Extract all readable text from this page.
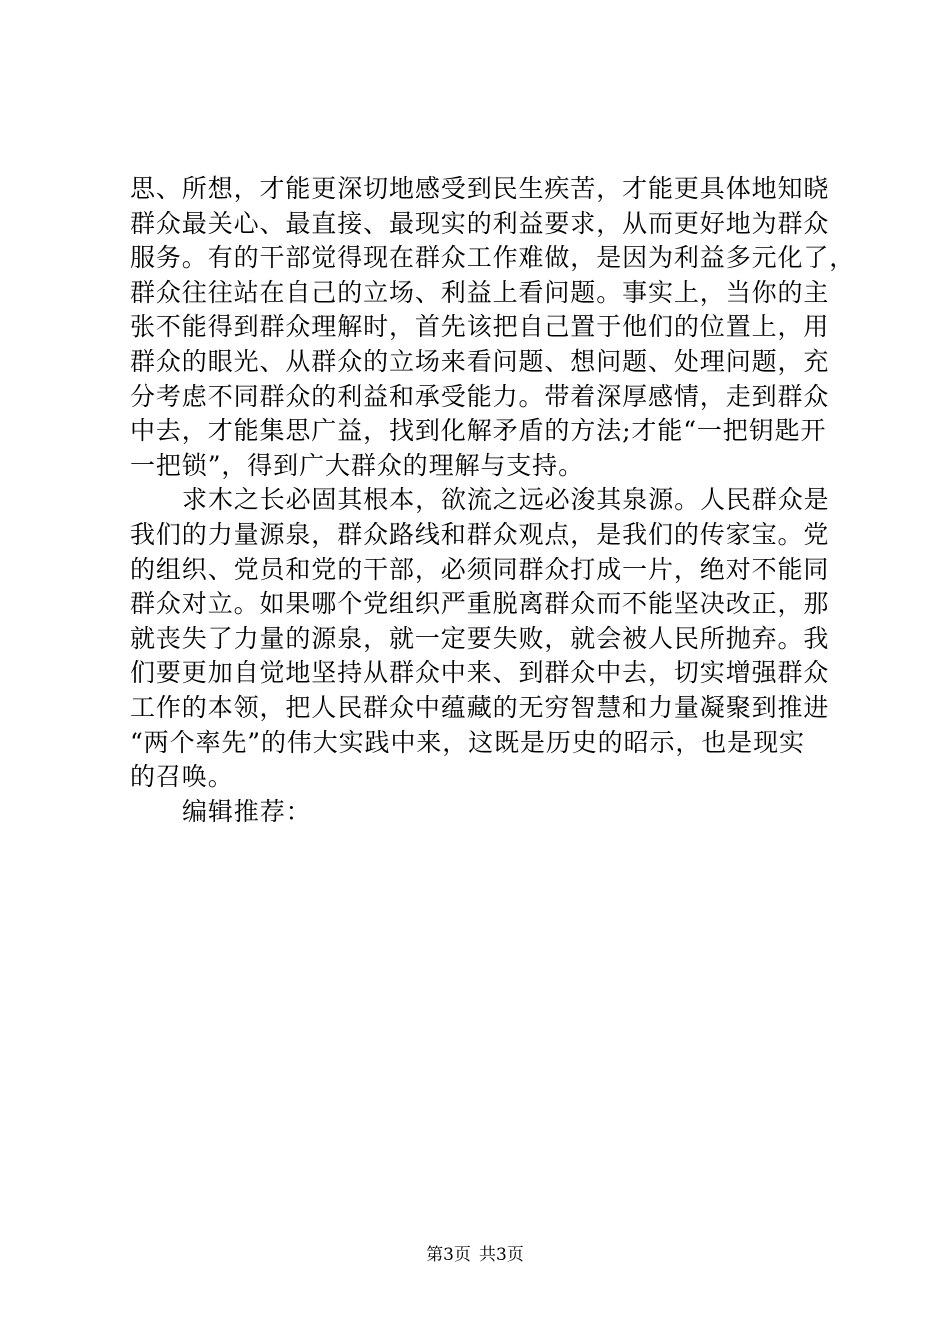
思、所想，才能更深切地感受到民生疾苦，才能更具体地知晓
群众最关心、最直接、最现实的利益要求，从而更好地为群众
服务。有的干部觉得现在群众工作难做，是因为利益多元化了，
群众往往站在自己的立场、利益上看问题。事实上，当你的主
张不能得到群众理解时，首先该把自己置于他们的位置上，用
群众的眼光、从群众的立场来看问题、想问题、处理问题，充
分考虑不同群众的利益和承受能力。带着深厚感情，走到群众
中去，才能集思广益，找到化解矛盾的方法;才能“一把钥匙开
一把锁”，得到广大群众的理解与支持。
求木之长必固其根本，欲流之远必浚其泉源。人民群众是
我们的力量源泉，群众路线和群众观点，是我们的传家宝。党
的组织、党员和党的干部，必须同群众打成一片，绝对不能同
群众对立。如果哪个党组织严重脱离群众而不能坚决改正，那
就丧失了力量的源泉，就一定要失败，就会被人民所抛弃。我
们要更加自觉地坚持从群众中来、到群众中去，切实增强群众
工作的本领，把人民群众中蕴藏的无穷智慧和力量凝聚到推进
“两个率先”的伟大实践中来，这既是历史的昭示，也是现实
的召唤。
编辑推荐：
第3页 共3页
